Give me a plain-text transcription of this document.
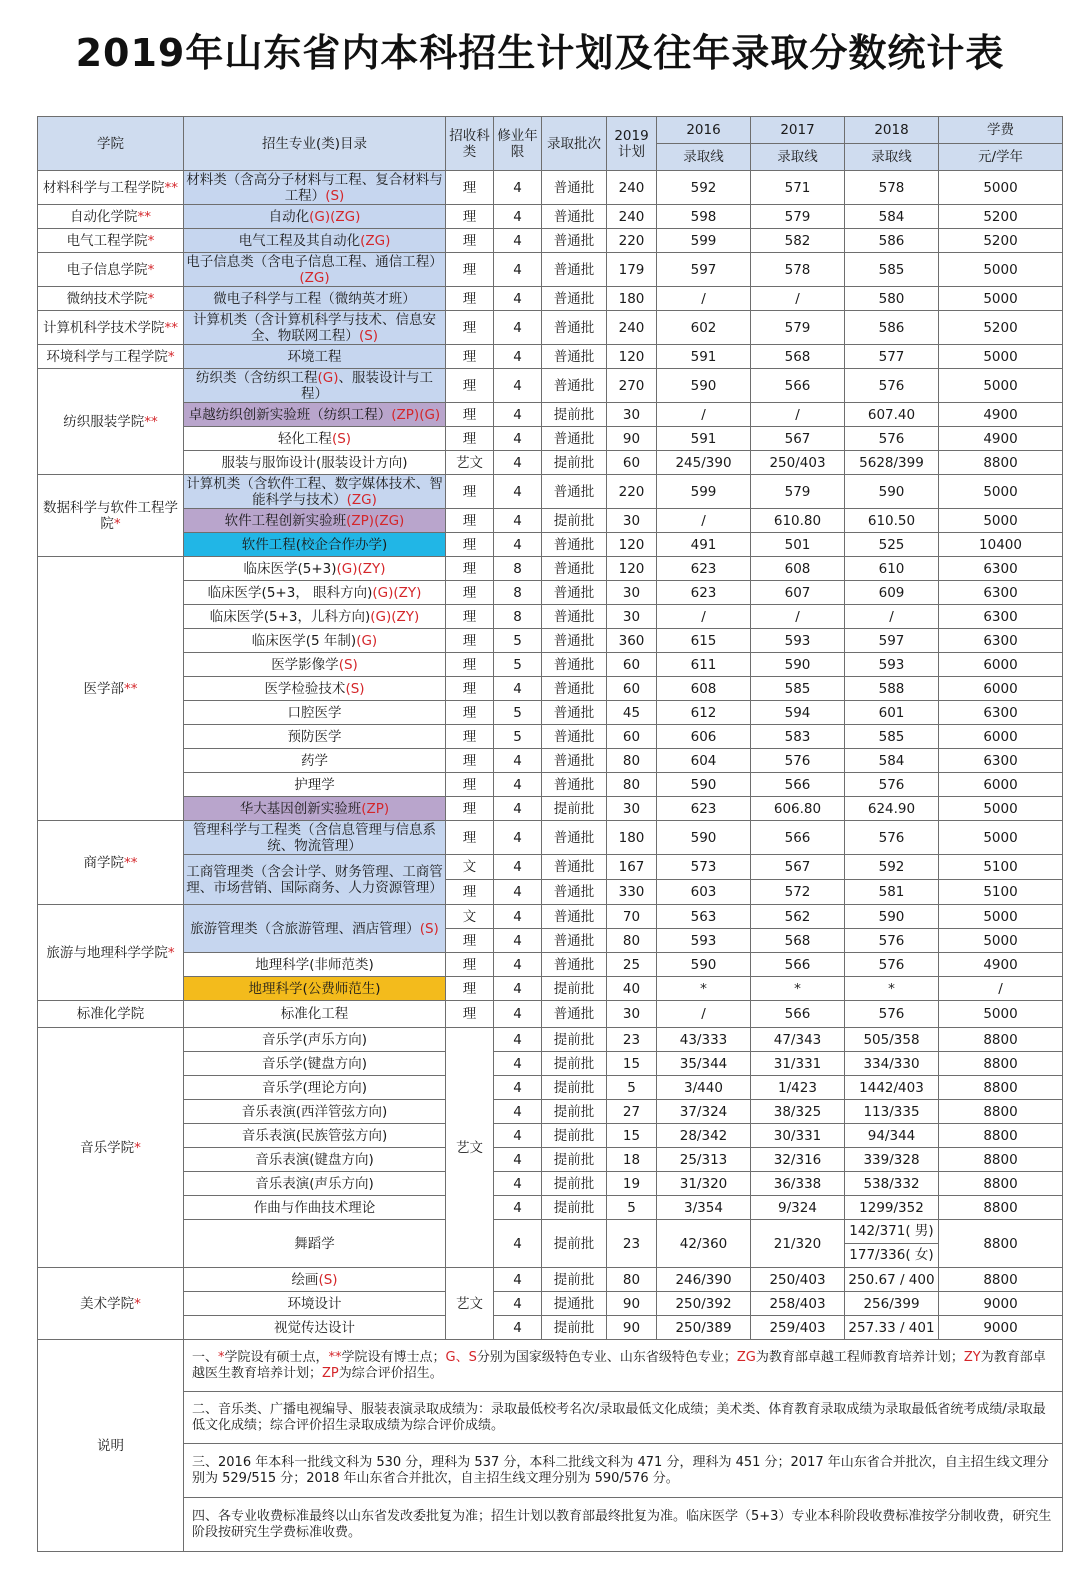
2019年山东省内本科招生计划及往年录取分数统计表
学院	招生专业(类)目录	招收科类	修业年限	录取批次	2019计划	2016	2017	2018	学费
						录取线	录取线	录取线	元/学年
材料科学与工程学院**	材料类（含高分子材料与工程、复合材料与工程）(S)	理	4	普通批	240	592	571	578	5000
自动化学院**	自动化(G)(ZG)	理	4	普通批	240	598	579	584	5200
电气工程学院*	电气工程及其自动化(ZG)	理	4	普通批	220	599	582	586	5200
电子信息学院*	电子信息类（含电子信息工程、通信工程）(ZG)	理	4	普通批	179	597	578	585	5000
微纳技术学院*	微电子科学与工程（微纳英才班）	理	4	普通批	180	/	/	580	5000
计算机科学技术学院**	计算机类（含计算机科学与技术、信息安全、物联网工程）(S)	理	4	普通批	240	602	579	586	5200
环境科学与工程学院*	环境工程	理	4	普通批	120	591	568	577	5000
纺织服装学院**	纺织类（含纺织工程(G)、服装设计与工程）	理	4	普通批	270	590	566	576	5000
	卓越纺织创新实验班（纺织工程）(ZP)(G)	理	4	提前批	30	/	/	607.40	4900
	轻化工程(S)	理	4	普通批	90	591	567	576	4900
	服装与服饰设计(服装设计方向)	艺文	4	提前批	60	245/390	250/403	5628/399	8800
数据科学与软件工程学院*	计算机类（含软件工程、数字媒体技术、智能科学与技术）(ZG)	理	4	普通批	220	599	579	590	5000
	软件工程创新实验班(ZP)(ZG)	理	4	提前批	30	/	610.80	610.50	5000
	软件工程(校企合作办学)	理	4	普通批	120	491	501	525	10400
医学部**	临床医学(5+3)(G)(ZY)	理	8	普通批	120	623	608	610	6300
	临床医学(5+3， 眼科方向)(G)(ZY)	理	8	普通批	30	623	607	609	6300
	临床医学(5+3，儿科方向)(G)(ZY)	理	8	普通批	30	/	/	/	6300
	临床医学(5 年制)(G)	理	5	普通批	360	615	593	597	6300
	医学影像学(S)	理	5	普通批	60	611	590	593	6000
	医学检验技术(S)	理	4	普通批	60	608	585	588	6000
	口腔医学	理	5	普通批	45	612	594	601	6300
	预防医学	理	5	普通批	60	606	583	585	6000
	药学	理	4	普通批	80	604	576	584	6300
	护理学	理	4	普通批	80	590	566	576	6000
	华大基因创新实验班(ZP)	理	4	提前批	30	623	606.80	624.90	5000
商学院**	管理科学与工程类（含信息管理与信息系统、物流管理）	理	4	普通批	180	590	566	576	5000
	工商管理类（含会计学、财务管理、工商管理、市场营销、国际商务、人力资源管理）	文	4	普通批	167	573	567	592	5100
		理	4	普通批	330	603	572	581	5100
旅游与地理科学学院*	旅游管理类（含旅游管理、酒店管理）(S)	文	4	普通批	70	563	562	590	5000
		理	4	普通批	80	593	568	576	5000
	地理科学(非师范类)	理	4	普通批	25	590	566	576	4900
	地理科学(公费师范生)	理	4	提前批	40	*	*	*	/
标准化学院	标准化工程	理	4	普通批	30	/	566	576	5000
音乐学院*	音乐学(声乐方向)	艺文	4	提前批	23	43/333	47/343	505/358	8800
	音乐学(键盘方向)		4	提前批	15	35/344	31/331	334/330	8800
	音乐学(理论方向)		4	提前批	5	3/440	1/423	1442/403	8800
	音乐表演(西洋管弦方向)		4	提前批	27	37/324	38/325	113/335	8800
	音乐表演(民族管弦方向)		4	提前批	15	28/342	30/331	94/344	8800
	音乐表演(键盘方向)		4	提前批	18	25/313	32/316	339/328	8800
	音乐表演(声乐方向)		4	提前批	19	31/320	36/338	538/332	8800
	作曲与作曲技术理论		4	提前批	5	3/354	9/324	1299/352	8800
	舞蹈学		4	提前批	23	42/360	21/320	142/371( 男)
177/336( 女)	8800
美术学院*	绘画(S)	艺文	4	提前批	80	246/390	250/403	250.67 / 400	8800
	环境设计		4	提通批	90	250/392	258/403	256/399	9000
	视觉传达设计		4	提前批	90	250/389	259/403	257.33 / 401	9000
说明	一、*学院设有硕士点，**学院设有博士点；G、S分别为国家级特色专业、山东省级特色专业；ZG为教育部卓越工程师教育培养计划；ZY为教育部卓越医生教育培养计划；ZP为综合评价招生。								
	二、音乐类、广播电视编导、服装表演录取成绩为：录取最低校考名次/录取最低文化成绩；美术类、体育教育录取成绩为录取最低省统考成绩/录取最低文化成绩；综合评价招生录取成绩为综合评价成绩。								
	三、2016 年本科一批线文科为 530 分，理科为 537 分，本科二批线文科为 471 分，理科为 451 分；2017 年山东省合并批次，自主招生线文理分别为 529/515 分；2018 年山东省合并批次，自主招生线文理分别为 590/576 分。								
	四、各专业收费标准最终以山东省发改委批复为准；招生计划以教育部最终批复为准。临床医学（5+3）专业本科阶段收费标准按学分制收费，研究生阶段按研究生学费标准收费。								
